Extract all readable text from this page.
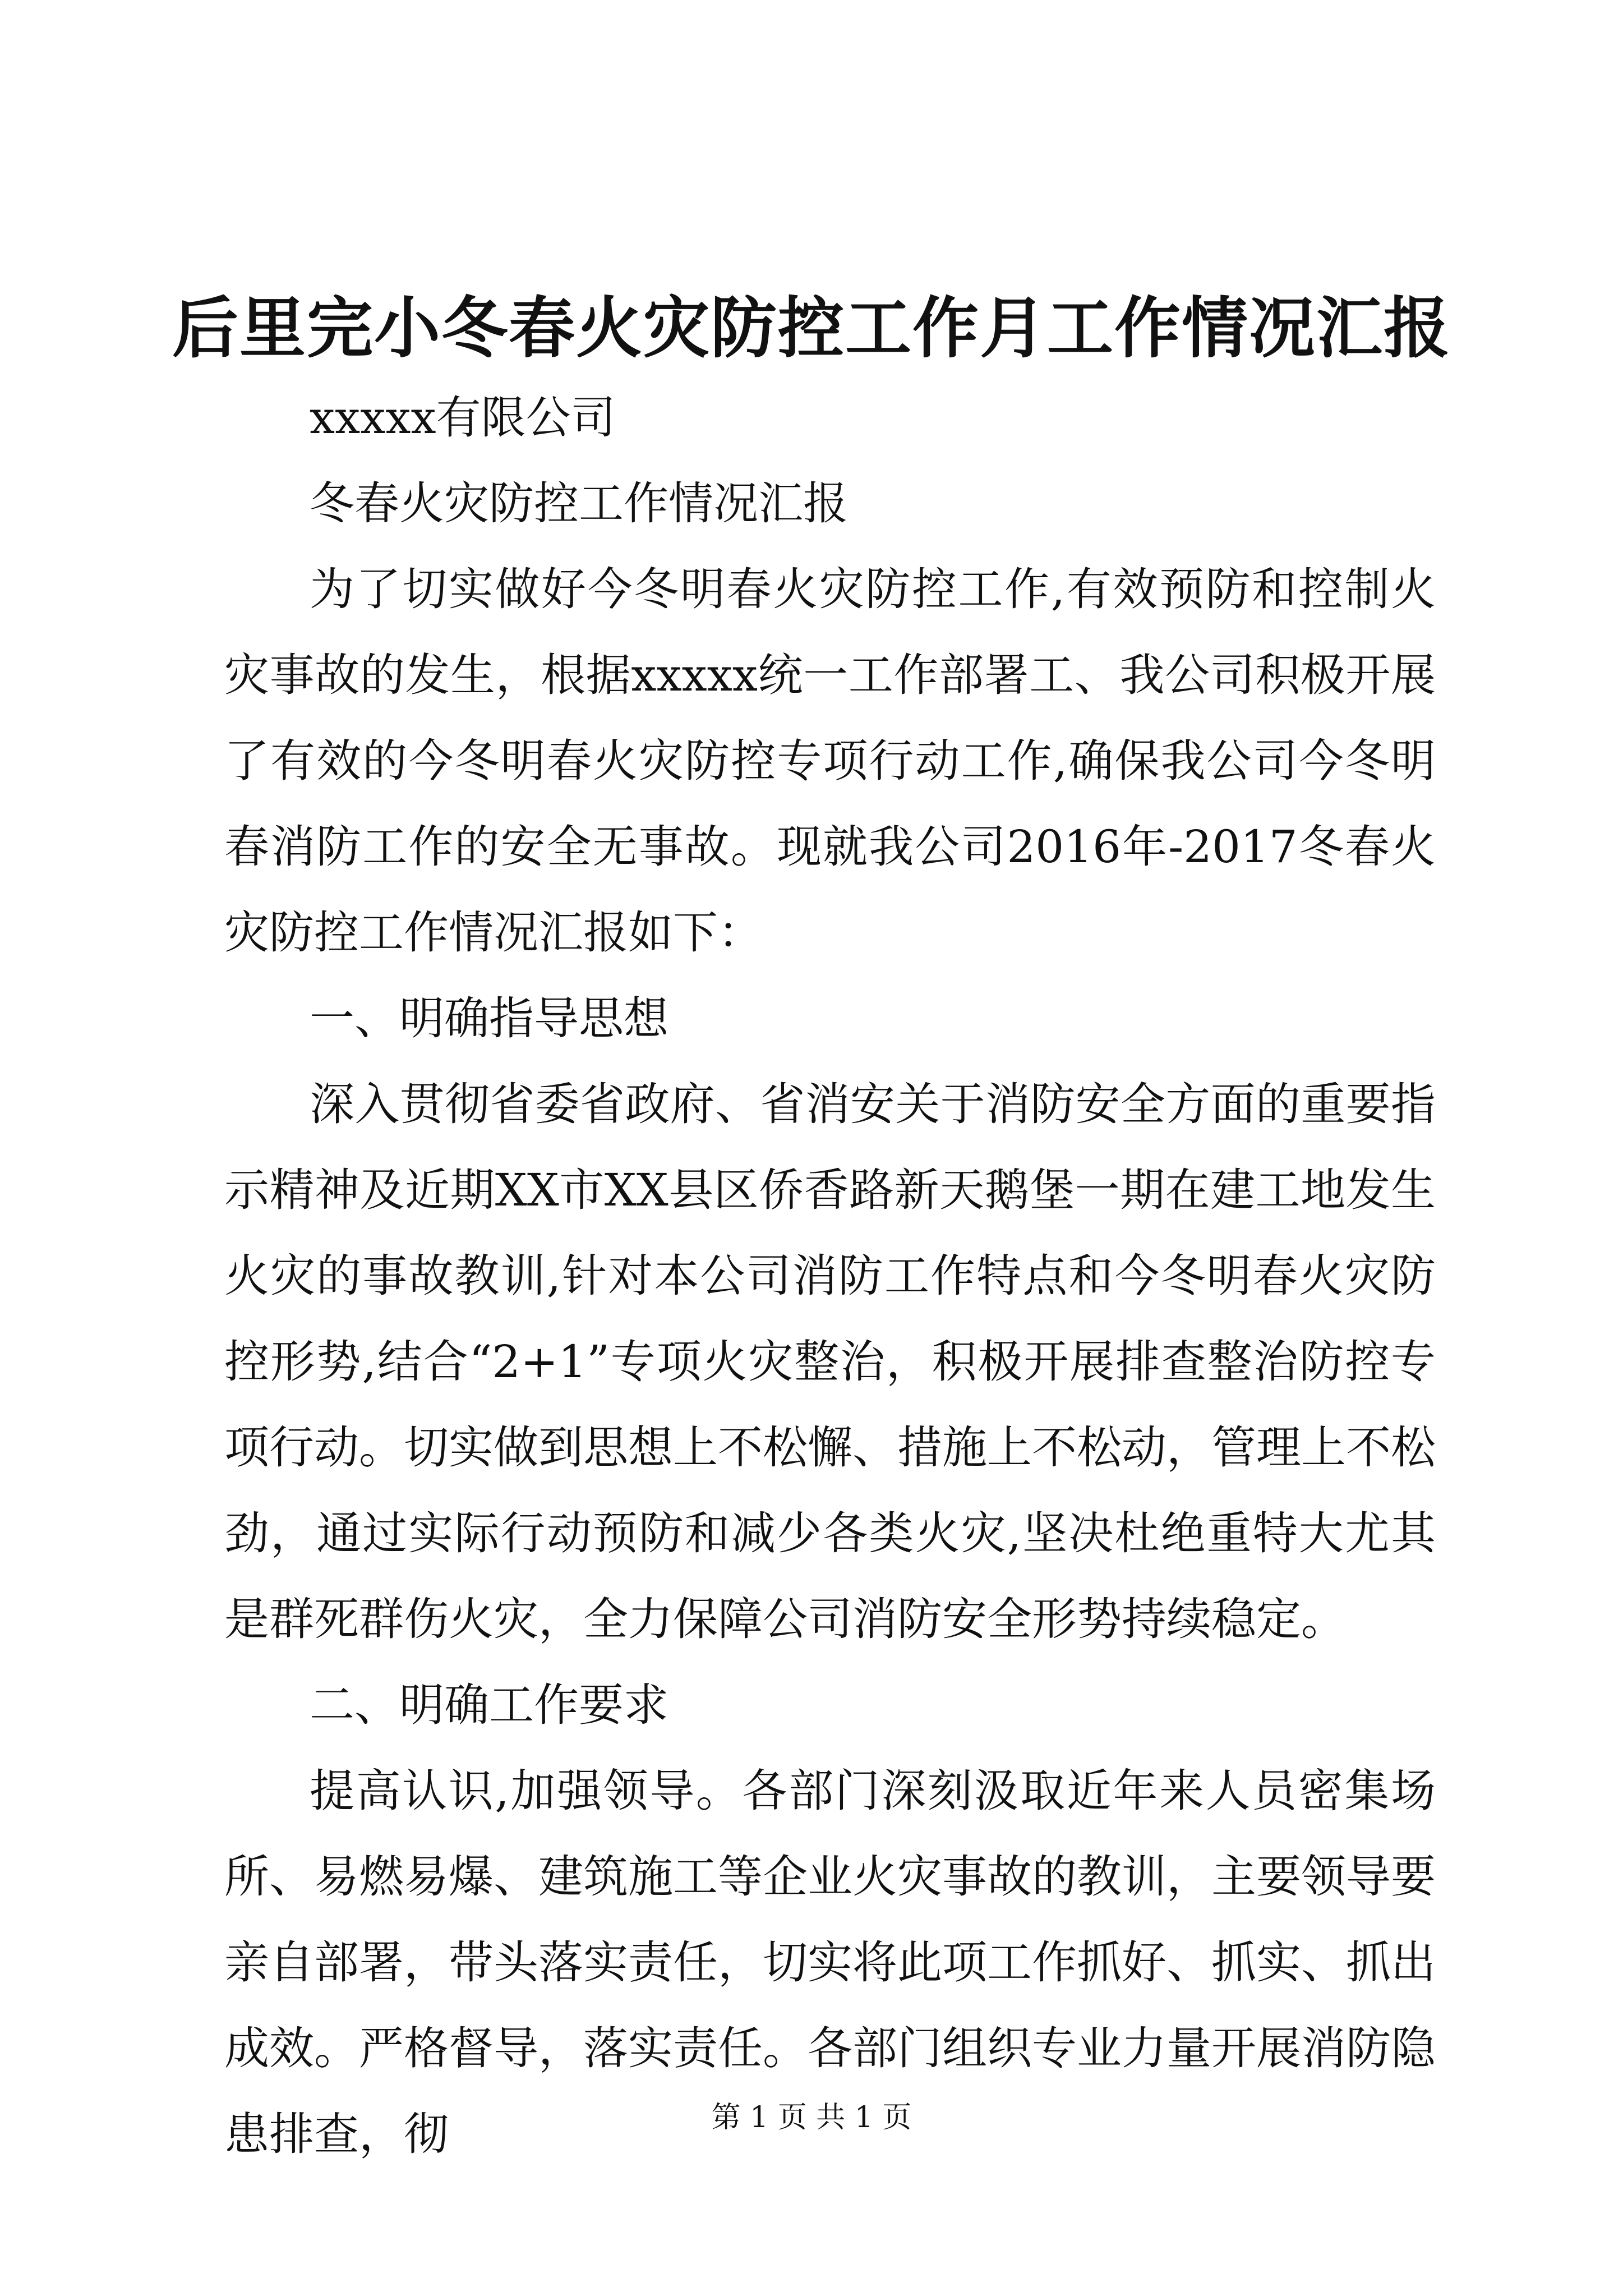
后里完小冬春火灾防控工作月工作情况汇报

xxxxx有限公司

冬春火灾防控工作情况汇报

为了切实做好今冬明春火灾防控工作,有效预防和控制火灾事故的发生，根据xxxxx统一工作部署工、我公司积极开展了有效的今冬明春火灾防控专项行动工作,确保我公司今冬明春消防工作的安全无事故。现就我公司2016年-2017冬春火灾防控工作情况汇报如下：

一、明确指导思想

深入贯彻省委省政府、省消安关于消防安全方面的重要指示精神及近期XX市XX县区侨香路新天鹅堡一期在建工地发生火灾的事故教训,针对本公司消防工作特点和今冬明春火灾防控形势,结合“2+1”专项火灾整治，积极开展排查整治防控专项行动。切实做到思想上不松懈、措施上不松动，管理上不松劲，通过实际行动预防和减少各类火灾,坚决杜绝重特大尤其是群死群伤火灾，全力保障公司消防安全形势持续稳定。

二、明确工作要求

提高认识,加强领导。各部门深刻汲取近年来人员密集场所、易燃易爆、建筑施工等企业火灾事故的教训，主要领导要亲自部署，带头落实责任，切实将此项工作抓好、抓实、抓出成效。严格督导，落实责任。各部门组织专业力量开展消防隐患排查，彻	第 1 页 共 1 页
